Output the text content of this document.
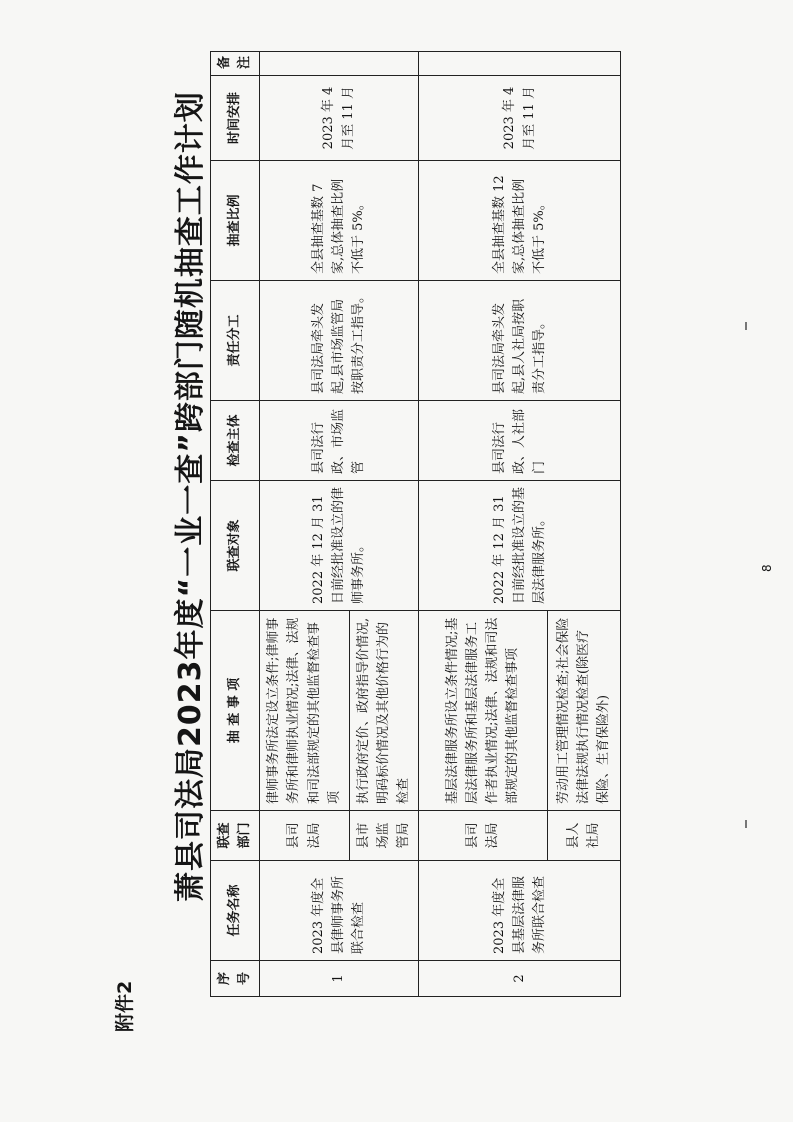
附件2
萧县司法局2023年度“一业一查”跨部门随机抽查工作计划
序号	任务名称	联查部门	抽 查 事 项	联查对象	检查主体	责任分工	抽查比例	时间安排	备注
1	2023 年度全县律师事务所联合检查	县司法局	律师事务所法定设立条件;律师事务所和律师执业情况;法律、法规和司法部规定的其他监督检查事项	2022 年 12 月 31 日前经批准设立的律师事务所。	县司法行政、市场监管	县司法局牵头发起,县市场监管局按职责分工指导。	全县抽查基数 7 家,总体抽查比例不低于 5%。	2023 年 4 月至 11 月	
		县市场监管局	执行政府定价、政府指导价情况,明码标价情况及其他价格行为的检查						
2	2023 年度全县基层法律服务所联合检查	县司法局	基层法律服务所设立条件情况;基层法律服务所和基层法律服务工作者执业情况;法律、法规和司法部规定的其他监督检查事项	2022 年 12 月 31 日前经批准设立的基层法律服务所。	县司法行政、人社部门	县司法局牵头发起,县人社局按职责分工指导。	全县抽查基数 12 家,总体抽查比例不低于 5%。	2023 年 4 月至 11 月	
		县人社局	劳动用工管理情况检查;社会保险法律法规执行情况检查(除医疗保险、生育保险外)						
8
